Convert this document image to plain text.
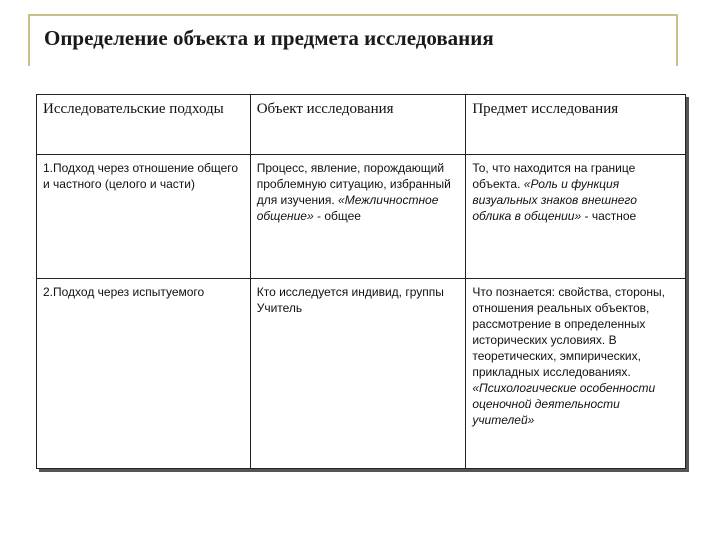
Определение объекта и предмета исследования
Исследовательские подходы	Объект исследования	Предмет исследования
1.Подход через отношение общего и частного (целого и части)	Процесс, явление, порождающий проблемную ситуацию, избранный для изучения. «Межличностное общение» - общее	То, что находится на границе объекта. «Роль и функция визуальных знаков внешнего облика в общении» - частное
2.Подход через испытуемого	Кто исследуется индивид, группы Учитель	Что познается: свойства, стороны, отношения реальных объектов, рассмотрение в определенных исторических условиях. В теоретических, эмпирических, прикладных исследованиях. «Психологические особенности оценочной деятельности учителей»
